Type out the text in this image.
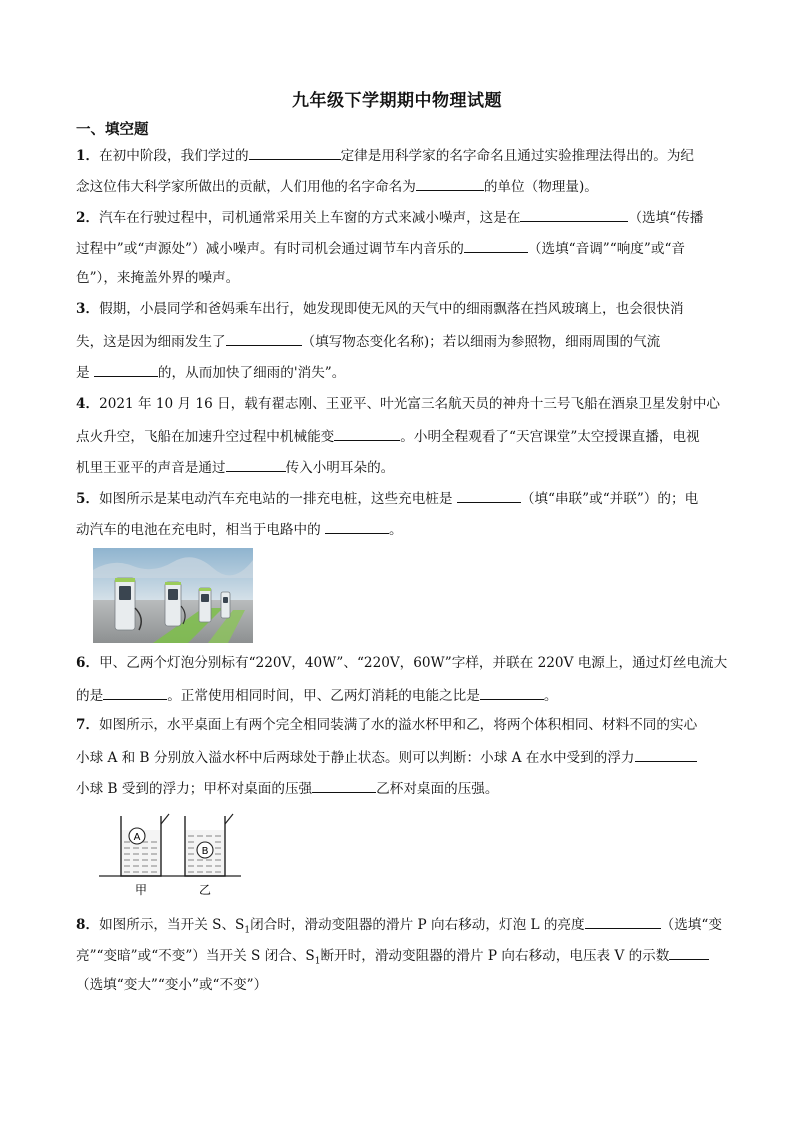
九年级下学期期中物理试题
一、填空题
1．在初中阶段，我们学过的	定律是用科学家的名字命名且通过实验推理法得出的。为纪
念这位伟大科学家所做出的贡献，人们用他的名字命名为	的单位（物理量)。
2．汽车在行驶过程中，司机通常采用关上车窗的方式来减小噪声，这是在	（选填“传播
过程中”或“声源处”）减小噪声。有时司机会通过调节车内音乐的	（选填“音调”“响度”或“音
色”），来掩盖外界的噪声。
3．假期，小晨同学和爸妈乘车出行，她发现即使无风的天气中的细雨飘落在挡风玻璃上，也会很快消
失，这是因为细雨发生了	（填写物态变化名称)；若以细雨为参照物，细雨周围的气流
是	的，从而加快了细雨的'消失”。
4．2021 年 10 月 16 日，载有翟志刚、王亚平、叶光富三名航天员的神舟十三号飞船在酒泉卫星发射中心
点火升空，飞船在加速升空过程中机械能变	。小明全程观看了“天宫课堂”太空授课直播，电视
机里王亚平的声音是通过	传入小明耳朵的。
5．如图所示是某电动汽车充电站的一排充电桩，这些充电桩是	（填“串联”或“并联”）的；电
动汽车的电池在充电时，相当于电路中的	。
6．甲、乙两个灯泡分别标有“220V，40W”、“220V，60W”字样，并联在 220V 电源上，通过灯丝电流大
的是	。正常使用相同时间，甲、乙两灯消耗的电能之比是	。
7．如图所示，水平桌面上有两个完全相同装满了水的溢水杯甲和乙，将两个体积相同、材料不同的实心
小球 A 和 B 分别放入溢水杯中后两球处于静止状态。则可以判断：小球 A 在水中受到的浮力
小球 B 受到的浮力；甲杯对桌面的压强	乙杯对桌面的压强。
A
B
甲	乙
8．如图所示，当开关 S、$S_1$闭合时，滑动变阻器的滑片 P 向右移动，灯泡 L 的亮度	（选填“变
亮”“变暗”或“不变”）当开关 S 闭合、$S_1$断开时，滑动变阻器的滑片 P 向右移动，电压表 V 的示数
（选填“变大”“变小”或“不变”）
